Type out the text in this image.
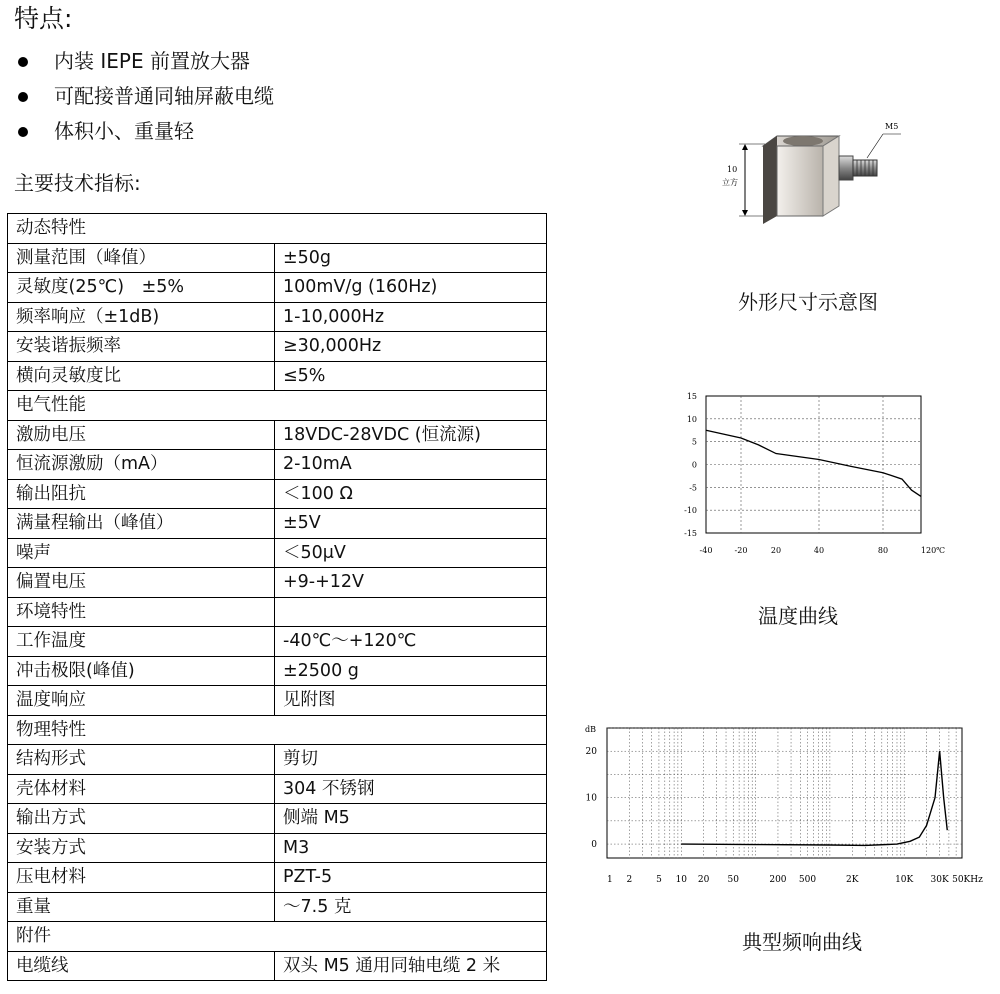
特点:
内装 IEPE 前置放大器
可配接普通同轴屏蔽电缆
体积小、重量轻
主要技术指标:
动态特性	
测量范围（峰值）	±50g
灵敏度(25℃)　±5%	100mV/g (160Hz)
频率响应（±1dB)	1-10,000Hz
安装谐振频率	≥30,000Hz
横向灵敏度比	≤5%
电气性能	
激励电压	18VDC-28VDC (恒流源)
恒流源激励（mA）	2-10mA
输出阻抗	＜100 Ω
满量程输出（峰值）	±5V
噪声	＜50μV
偏置电压	+9-+12V
环境特性	
工作温度	-40℃～+120℃
冲击极限(峰值)	±2500 g
温度响应	见附图
物理特性	
结构形式	剪切
壳体材料	304 不锈钢
输出方式	侧端 M5
安装方式	M3
压电材料	PZT-5
重量	～7.5 克
附件	
电缆线	双头 M5 通用同轴电缆 2 米
10
立方
M5
外形尺寸示意图
15
10
5
0
-5
-10
-15
-40	-20	20	40	80	120℃
温度曲线
dB
20
10
0
1 2	5 10 20 50	200 500	2K	10K 30K 50KHz
典型频响曲线
